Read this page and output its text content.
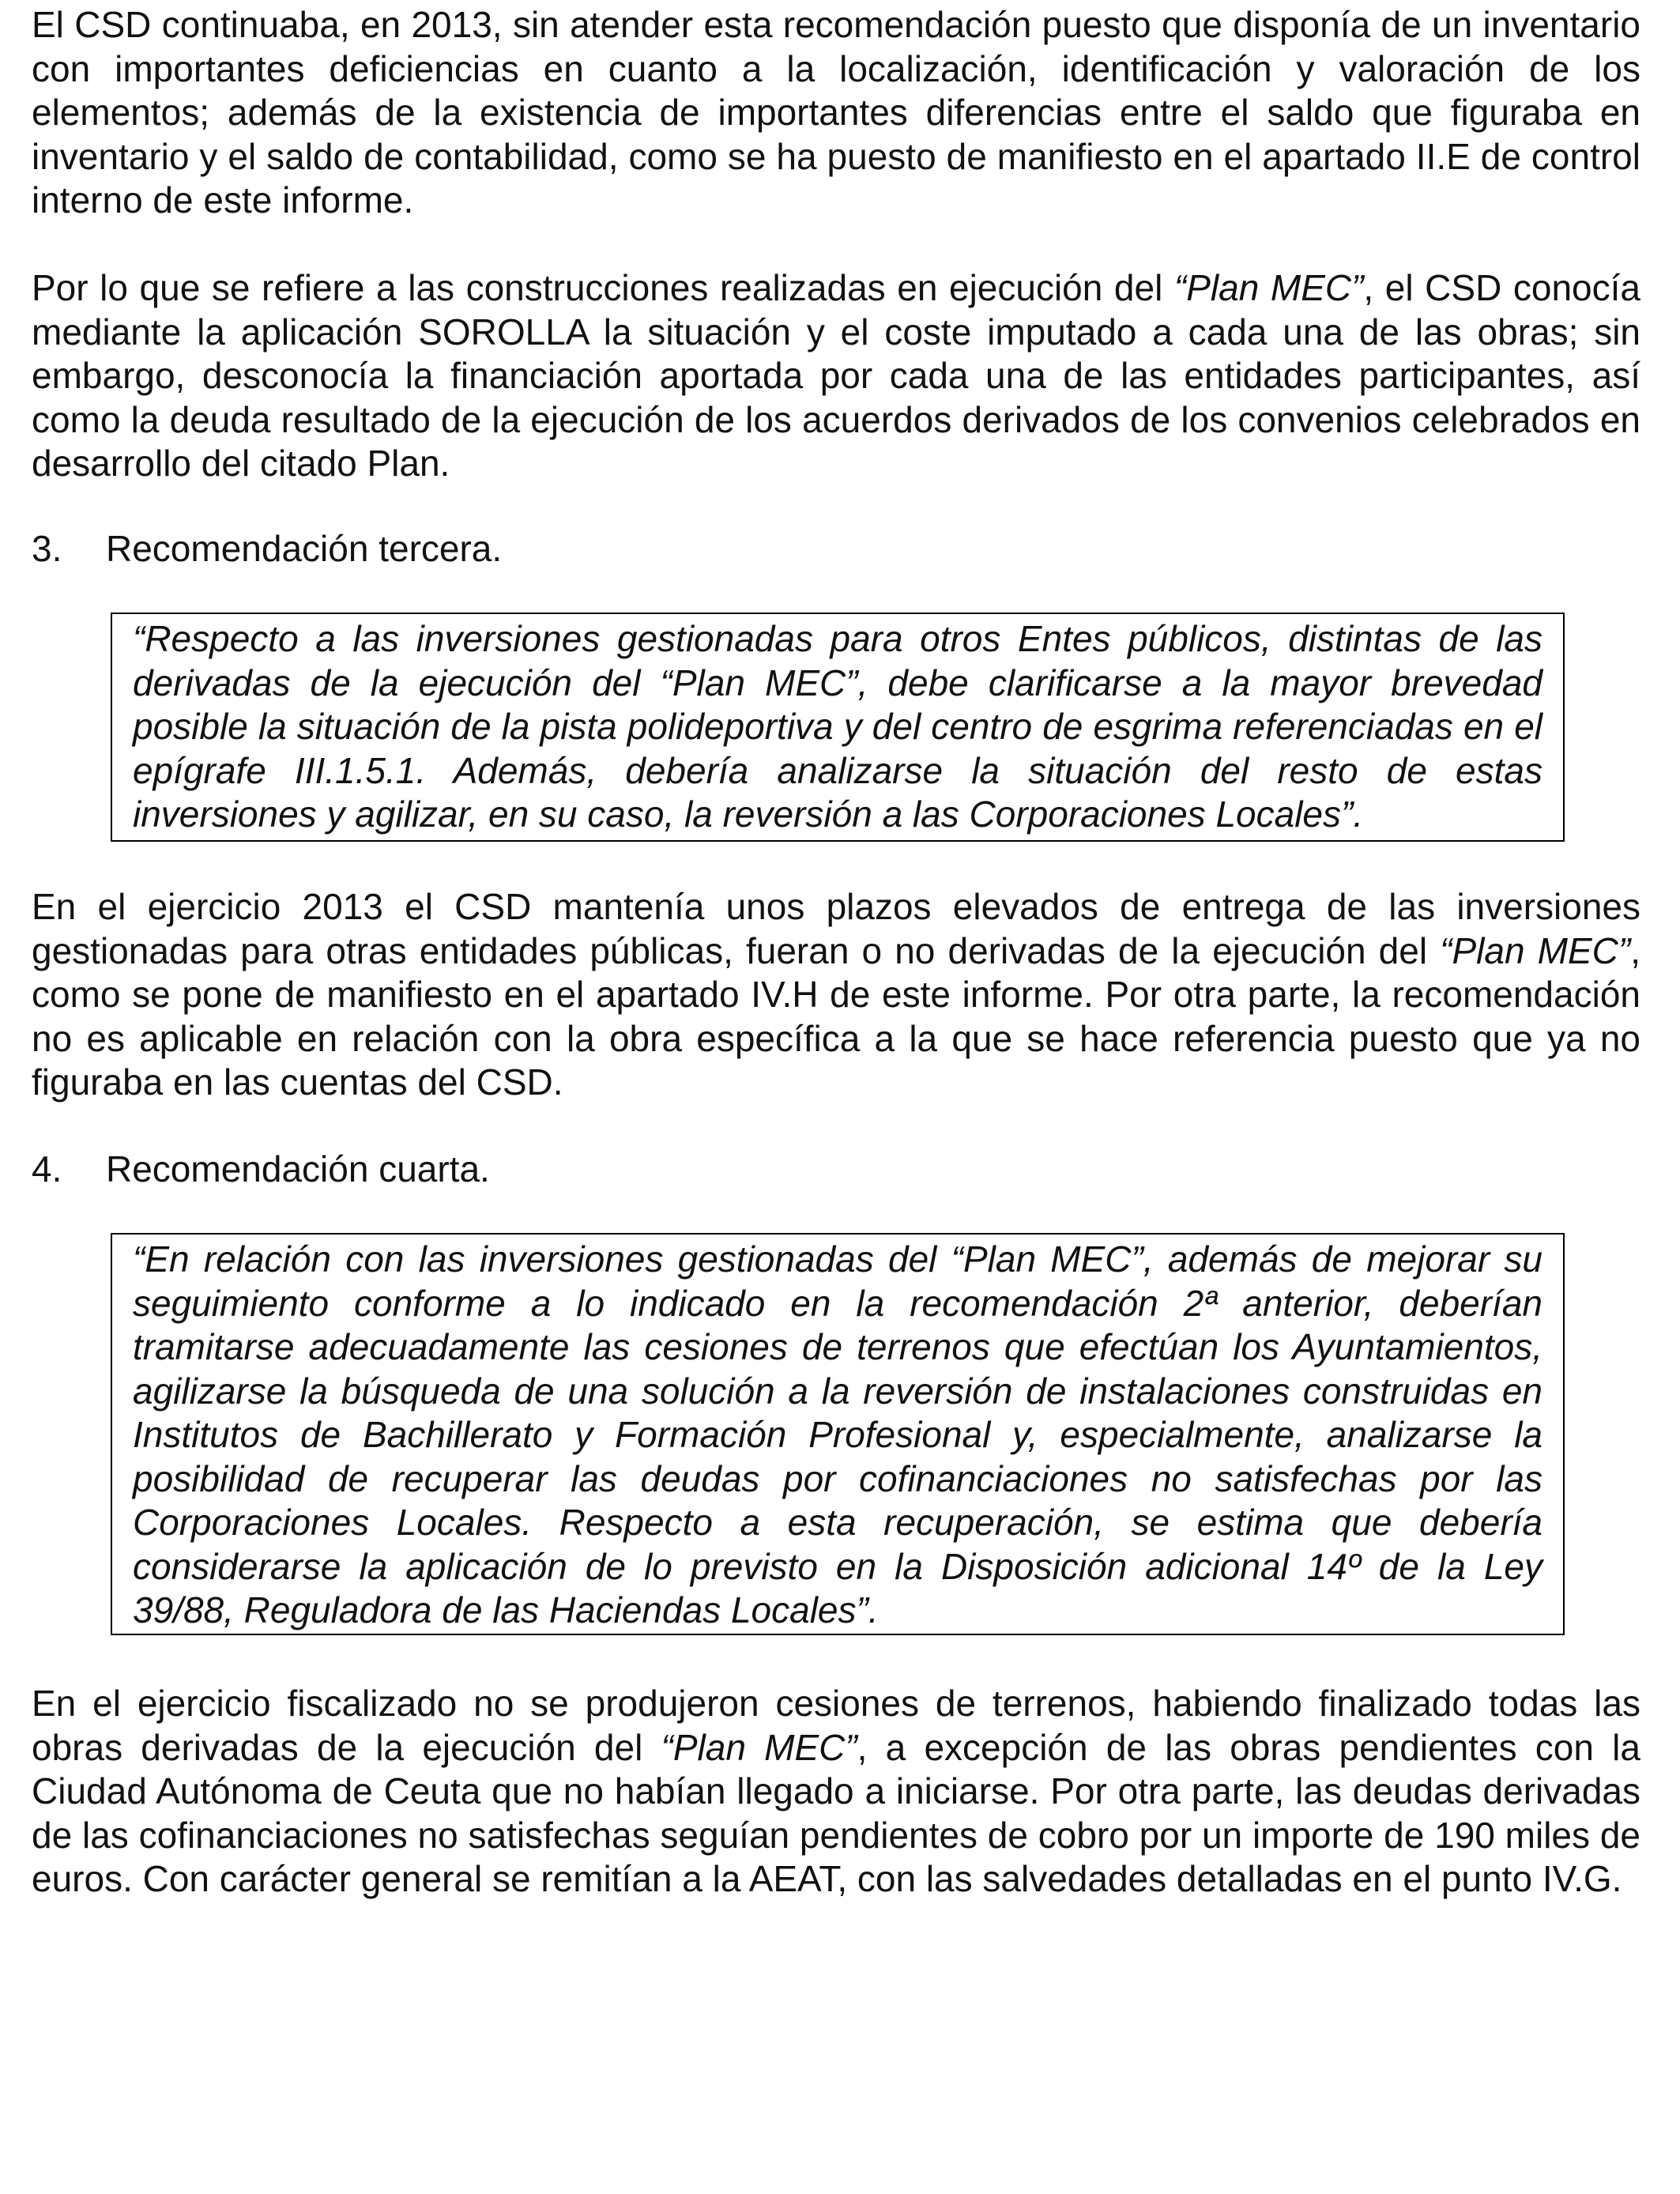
El CSD continuaba, en 2013, sin atender esta recomendación puesto que disponía de un inventario con importantes deficiencias en cuanto a la localización, identificación y valoración de los elementos; además de la existencia de importantes diferencias entre el saldo que figuraba en inventario y el saldo de contabilidad, como se ha puesto de manifiesto en el apartado II.E de control interno de este informe.

Por lo que se refiere a las construcciones realizadas en ejecución del “Plan MEC”, el CSD conocía mediante la aplicación SOROLLA la situación y el coste imputado a cada una de las obras; sin embargo, desconocía la financiación aportada por cada una de las entidades participantes, así como la deuda resultado de la ejecución de los acuerdos derivados de los convenios celebrados en desarrollo del citado Plan.

3.	Recomendación tercera.

“Respecto a las inversiones gestionadas para otros Entes públicos, distintas de las derivadas de la ejecución del “Plan MEC”, debe clarificarse a la mayor brevedad posible la situación de la pista polideportiva y del centro de esgrima referenciadas en el epígrafe III.1.5.1. Además, debería analizarse la situación del resto de estas inversiones y agilizar, en su caso, la reversión a las Corporaciones Locales”.

En el ejercicio 2013 el CSD mantenía unos plazos elevados de entrega de las inversiones gestionadas para otras entidades públicas, fueran o no derivadas de la ejecución del “Plan MEC”, como se pone de manifiesto en el apartado IV.H de este informe. Por otra parte, la recomendación no es aplicable en relación con la obra específica a la que se hace referencia puesto que ya no figuraba en las cuentas del CSD.

4.	Recomendación cuarta.

“En relación con las inversiones gestionadas del “Plan MEC”, además de mejorar su seguimiento conforme a lo indicado en la recomendación 2ª anterior, deberían tramitarse adecuadamente las cesiones de terrenos que efectúan los Ayuntamientos, agilizarse la búsqueda de una solución a la reversión de instalaciones construidas en Institutos de Bachillerato y Formación Profesional y, especialmente, analizarse la posibilidad de recuperar las deudas por cofinanciaciones no satisfechas por las Corporaciones Locales. Respecto a esta recuperación, se estima que debería considerarse la aplicación de lo previsto en la Disposición adicional 14º de la Ley 39/88, Reguladora de las Haciendas Locales”.

En el ejercicio fiscalizado no se produjeron cesiones de terrenos, habiendo finalizado todas las obras derivadas de la ejecución del “Plan MEC”, a excepción de las obras pendientes con la Ciudad Autónoma de Ceuta que no habían llegado a iniciarse. Por otra parte, las deudas derivadas de las cofinanciaciones no satisfechas seguían pendientes de cobro por un importe de 190 miles de euros. Con carácter general se remitían a la AEAT, con las salvedades detalladas en el punto IV.G.
